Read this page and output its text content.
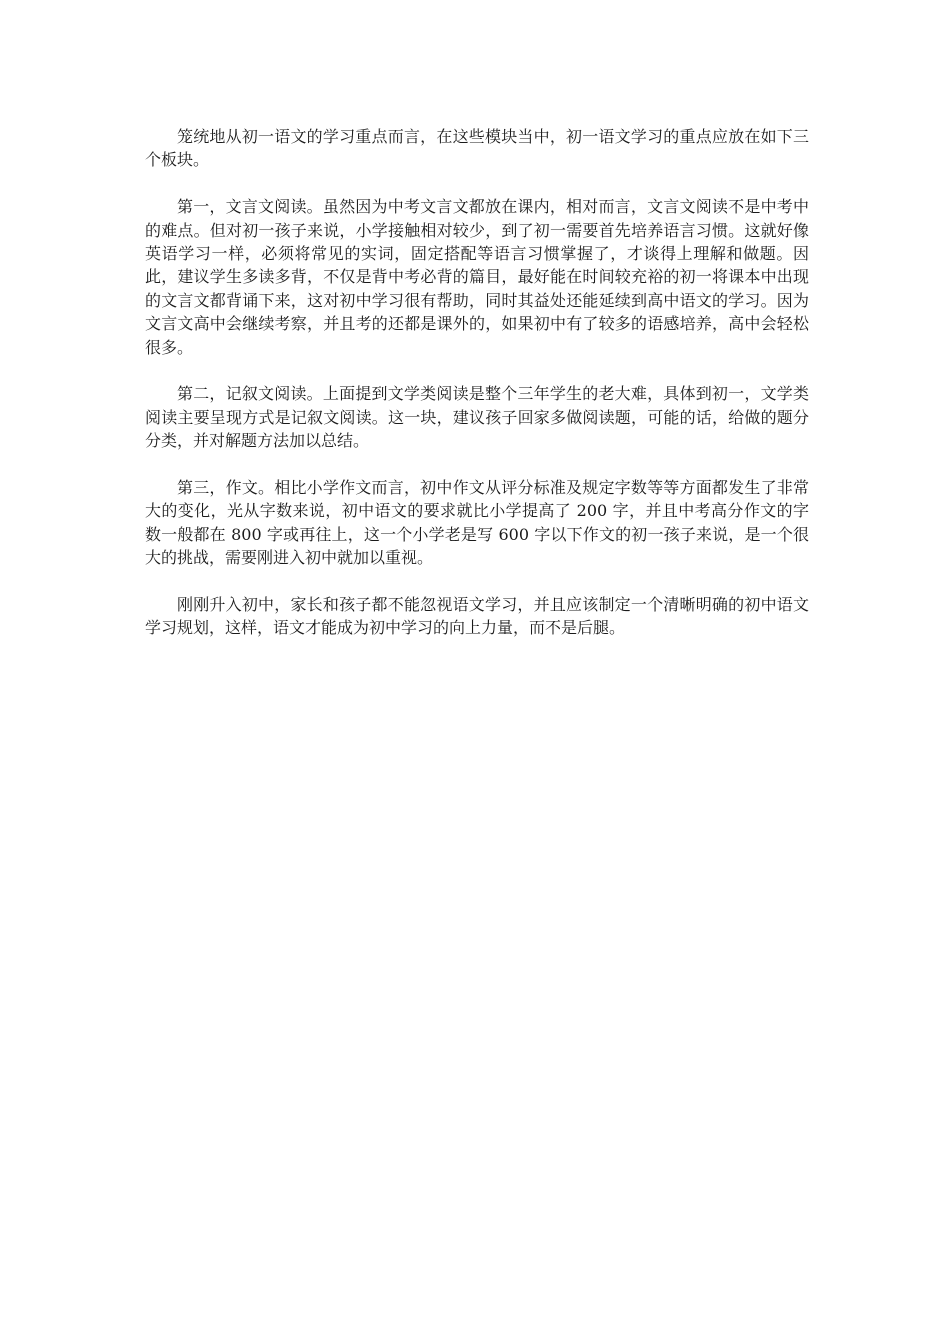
笼统地从初一语文的学习重点而言，在这些模块当中，初一语文学习的重点应放在如下三个板块。

第一，文言文阅读。虽然因为中考文言文都放在课内，相对而言，文言文阅读不是中考中的难点。但对初一孩子来说，小学接触相对较少，到了初一需要首先培养语言习惯。这就好像英语学习一样，必须将常见的实词，固定搭配等语言习惯掌握了，才谈得上理解和做题。因此，建议学生多读多背，不仅是背中考必背的篇目，最好能在时间较充裕的初一将课本中出现的文言文都背诵下来，这对初中学习很有帮助，同时其益处还能延续到高中语文的学习。因为文言文高中会继续考察，并且考的还都是课外的，如果初中有了较多的语感培养，高中会轻松很多。

第二，记叙文阅读。上面提到文学类阅读是整个三年学生的老大难，具体到初一，文学类阅读主要呈现方式是记叙文阅读。这一块，建议孩子回家多做阅读题，可能的话，给做的题分分类，并对解题方法加以总结。

第三，作文。相比小学作文而言，初中作文从评分标准及规定字数等等方面都发生了非常大的变化，光从字数来说，初中语文的要求就比小学提高了 200 字，并且中考高分作文的字数一般都在 800 字或再往上，这一个小学老是写 600 字以下作文的初一孩子来说，是一个很大的挑战，需要刚进入初中就加以重视。

刚刚升入初中，家长和孩子都不能忽视语文学习，并且应该制定一个清晰明确的初中语文学习规划，这样，语文才能成为初中学习的向上力量，而不是后腿。
